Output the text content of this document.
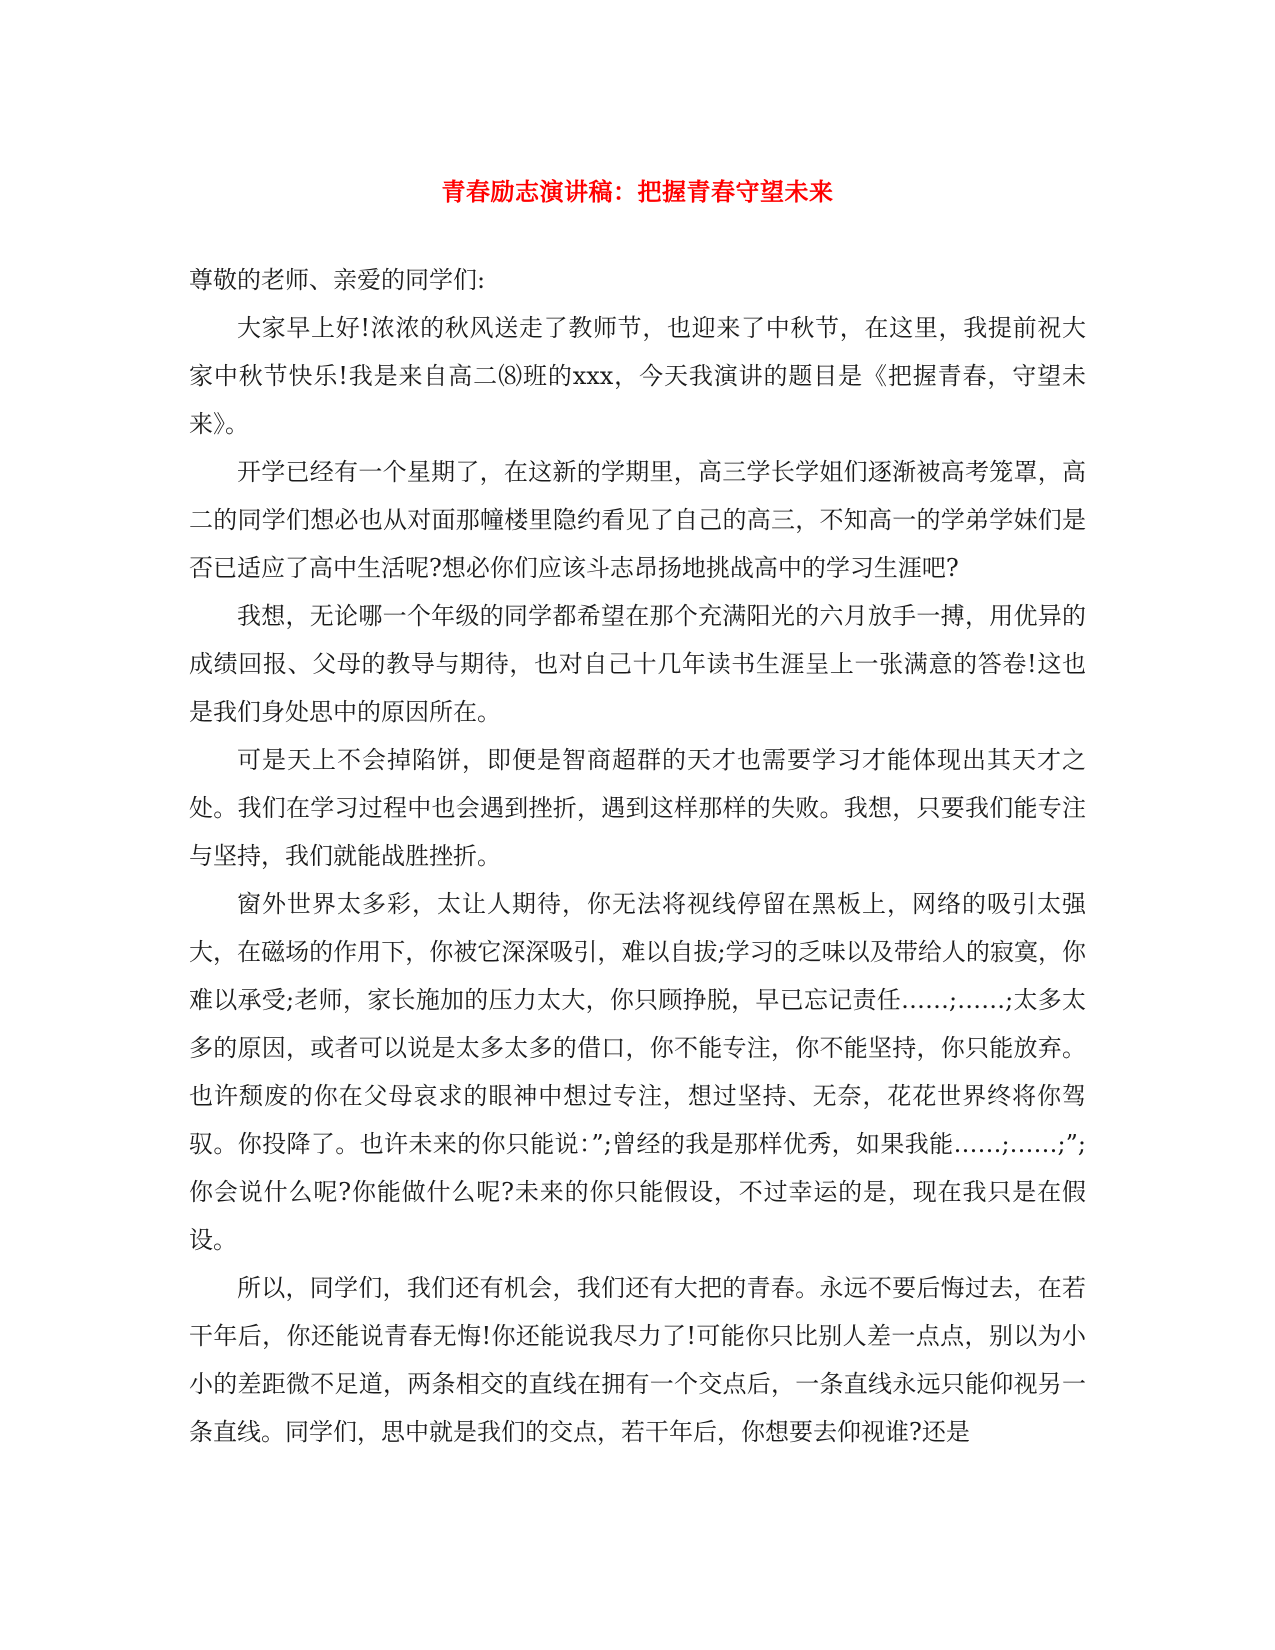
青春励志演讲稿：把握青春守望未来

尊敬的老师、亲爱的同学们:

大家早上好!浓浓的秋风送走了教师节，也迎来了中秋节，在这里，我提前祝大家中秋节快乐!我是来自高二⑻班的xxx，今天我演讲的题目是《把握青春，守望未来》。

开学已经有一个星期了，在这新的学期里，高三学长学姐们逐渐被高考笼罩，高二的同学们想必也从对面那幢楼里隐约看见了自己的高三，不知高一的学弟学妹们是否已适应了高中生活呢?想必你们应该斗志昂扬地挑战高中的学习生涯吧?

我想，无论哪一个年级的同学都希望在那个充满阳光的六月放手一搏，用优异的成绩回报、父母的教导与期待，也对自己十几年读书生涯呈上一张满意的答卷!这也是我们身处思中的原因所在。

可是天上不会掉陷饼，即便是智商超群的天才也需要学习才能体现出其天才之处。我们在学习过程中也会遇到挫折，遇到这样那样的失败。我想，只要我们能专注与坚持，我们就能战胜挫折。

窗外世界太多彩，太让人期待，你无法将视线停留在黑板上，网络的吸引太强大，在磁场的作用下，你被它深深吸引，难以自拔;学习的乏味以及带给人的寂寞，你难以承受;老师，家长施加的压力太大，你只顾挣脱，早已忘记责任……;……;太多太多的原因，或者可以说是太多太多的借口，你不能专注，你不能坚持，你只能放弃。也许颓废的你在父母哀求的眼神中想过专注，想过坚持、无奈，花花世界终将你驾驭。你投降了。也许未来的你只能说：”;曾经的我是那样优秀，如果我能……;……;”;你会说什么呢?你能做什么呢?未来的你只能假设，不过幸运的是，现在我只是在假设。

所以，同学们，我们还有机会，我们还有大把的青春。永远不要后悔过去，在若干年后，你还能说青春无悔!你还能说我尽力了!可能你只比别人差一点点，别以为小小的差距微不足道，两条相交的直线在拥有一个交点后，一条直线永远只能仰视另一条直线。同学们，思中就是我们的交点，若干年后，你想要去仰视谁?还是
